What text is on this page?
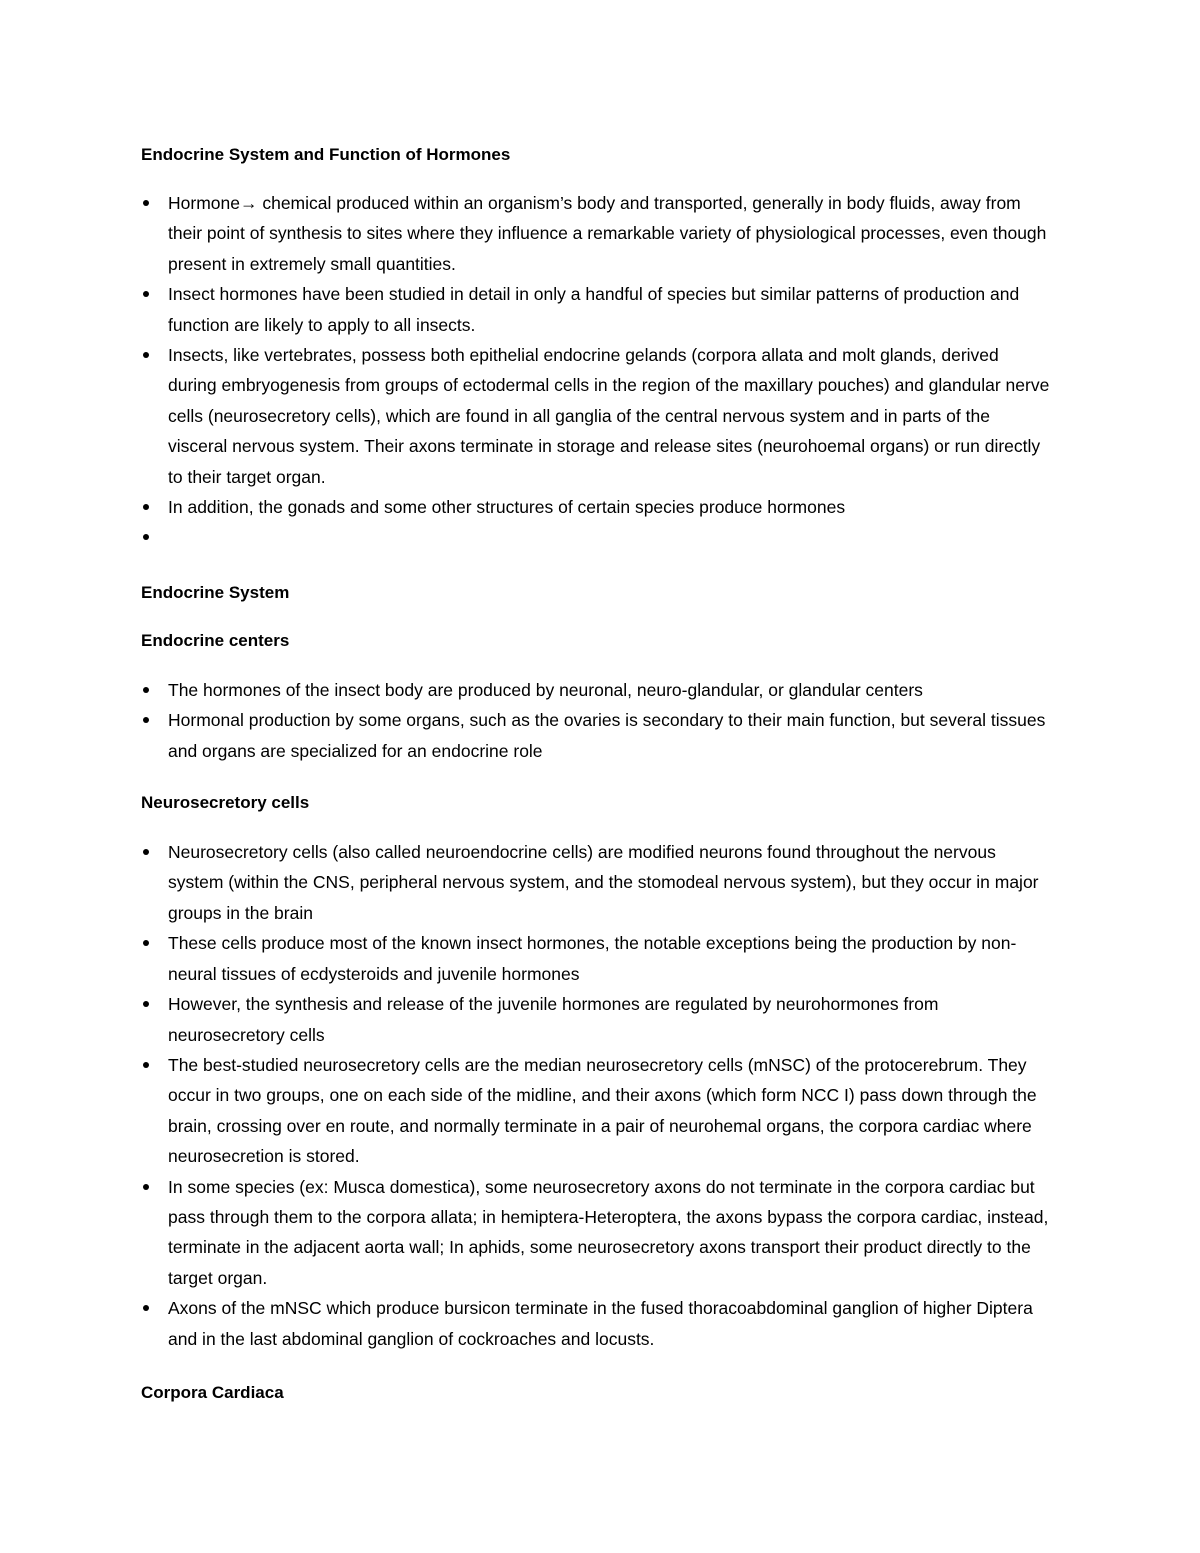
Endocrine System and Function of Hormones
Hormone→ chemical produced within an organism’s body and transported, generally in body fluids, away from their point of synthesis to sites where they influence a remarkable variety of physiological processes, even though present in extremely small quantities.
Insect hormones have been studied in detail in only a handful of species but similar patterns of production and function are likely to apply to all insects.
Insects, like vertebrates, possess both epithelial endocrine gelands (corpora allata and molt glands, derived during embryogenesis from groups of ectodermal cells in the region of the maxillary pouches) and glandular nerve cells (neurosecretory cells), which are found in all ganglia of the central nervous system and in parts of the visceral nervous system. Their axons terminate in storage and release sites (neurohoemal organs) or run directly to their target organ.
In addition, the gonads and some other structures of certain species produce hormones
Endocrine System
Endocrine centers
The hormones of the insect body are produced by neuronal, neuro-glandular, or glandular centers
Hormonal production by some organs, such as the ovaries is secondary to their main function, but several tissues and organs are specialized for an endocrine role
Neurosecretory cells
Neurosecretory cells (also called neuroendocrine cells) are modified neurons found throughout the nervous system (within the CNS, peripheral nervous system, and the stomodeal nervous system), but they occur in major groups in the brain
These cells produce most of the known insect hormones, the notable exceptions being the production by non-neural tissues of ecdysteroids and juvenile hormones
However, the synthesis and release of the juvenile hormones are regulated by neurohormones from neurosecretory cells
The best-studied neurosecretory cells are the median neurosecretory cells (mNSC) of the protocerebrum. They occur in two groups, one on each side of the midline, and their axons (which form NCC I) pass down through the brain, crossing over en route, and normally terminate in a pair of neurohemal organs, the corpora cardiac where neurosecretion is stored.
In some species (ex: Musca domestica), some neurosecretory axons do not terminate in the corpora cardiac but pass through them to the corpora allata; in hemiptera-Heteroptera, the axons bypass the corpora cardiac, instead, terminate in the adjacent aorta wall; In aphids, some neurosecretory axons transport their product directly to the target organ.
Axons of the mNSC which produce bursicon terminate in the fused thoracoabdominal ganglion of higher Diptera and in the last abdominal ganglion of cockroaches and locusts.
Corpora Cardiaca
